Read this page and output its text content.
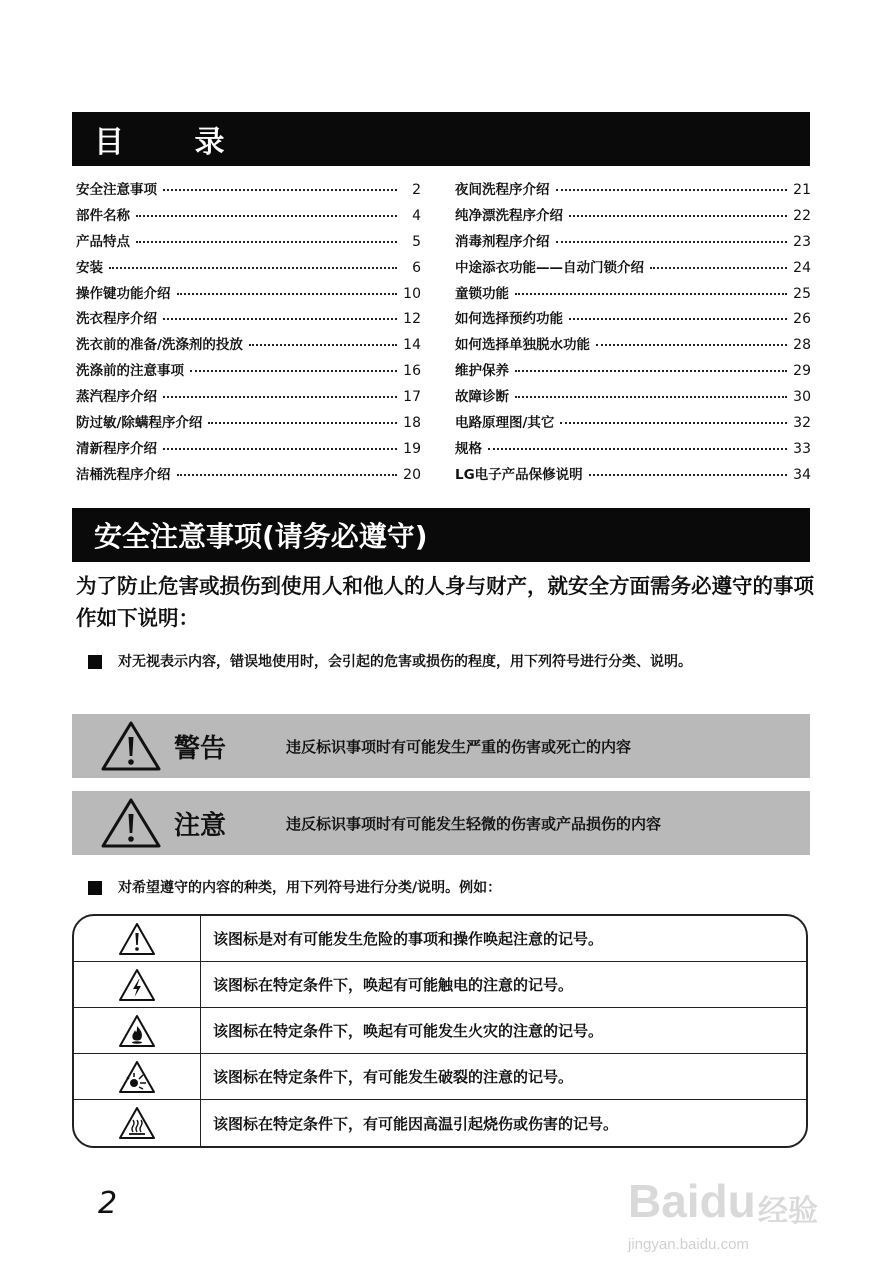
目 录
安全注意事项	2
部件名称	4
产品特点	5
安装	6
操作键功能介绍	10
洗衣程序介绍	12
洗衣前的准备/洗涤剂的投放	14
洗涤前的注意事项	16
蒸汽程序介绍	17
防过敏/除螨程序介绍	18
清新程序介绍	19
洁桶洗程序介绍	20
夜间洗程序介绍	21
纯净漂洗程序介绍	22
消毒剂程序介绍	23
中途添衣功能——自动门锁介绍	24
童锁功能	25
如何选择预约功能	26
如何选择单独脱水功能	28
维护保养	29
故障诊断	30
电路原理图/其它	32
规格	33
LG电子产品保修说明	34
安全注意事项(请务必遵守)
为了防止危害或损伤到使用人和他人的人身与财产，就安全方面需务必遵守的事项作如下说明：
对无视表示内容，错误地使用时，会引起的危害或损伤的程度，用下列符号进行分类、说明。
警告	违反标识事项时有可能发生严重的伤害或死亡的内容
注意	违反标识事项时有可能发生轻微的伤害或产品损伤的内容
对希望遵守的内容的种类，用下列符号进行分类/说明。例如：
该图标是对有可能发生危险的事项和操作唤起注意的记号。
该图标在特定条件下，唤起有可能触电的注意的记号。
该图标在特定条件下，唤起有可能发生火灾的注意的记号。
该图标在特定条件下，有可能发生破裂的注意的记号。
该图标在特定条件下，有可能因高温引起烧伤或伤害的记号。
2	Baidu 经验
jingyan.baidu.com
